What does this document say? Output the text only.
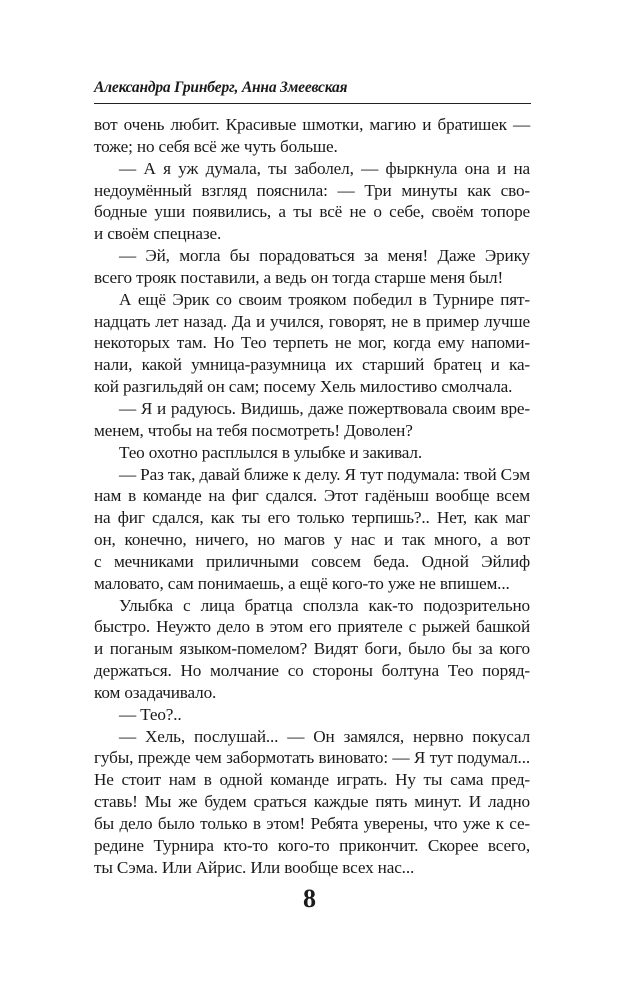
Александра Гринберг, Анна Змеевская
вот очень любит. Красивые шмотки, магию и братишек —
тоже; но себя всё же чуть больше.
— А я уж думала, ты заболел, — фыркнула она и на
недоумённый взгляд пояснила: — Три минуты как сво-
бодные уши появились, а ты всё не о себе, своём топоре
и своём спецназе.
— Эй, могла бы порадоваться за меня! Даже Эрику
всего трояк поставили, а ведь он тогда старше меня был!
А ещё Эрик со своим трояком победил в Турнире пят-
надцать лет назад. Да и учился, говорят, не в пример лучше
некоторых там. Но Тео терпеть не мог, когда ему напоми-
нали, какой умница-разумница их старший братец и ка-
кой разгильдяй он сам; посему Хель милостиво смолчала.
— Я и радуюсь. Видишь, даже пожертвовала своим вре-
менем, чтобы на тебя посмотреть! Доволен?
Тео охотно расплылся в улыбке и закивал.
— Раз так, давай ближе к делу. Я тут подумала: твой Сэм
нам в команде на фиг сдался. Этот гадёныш вообще всем
на фиг сдался, как ты его только терпишь?.. Нет, как маг
он, конечно, ничего, но магов у нас и так много, а вот
с мечниками приличными совсем беда. Одной Эйлиф
маловато, сам понимаешь, а ещё кого-то уже не впишем...
Улыбка с лица братца сползла как-то подозрительно
быстро. Неужто дело в этом его приятеле с рыжей башкой
и поганым языком-помелом? Видят боги, было бы за кого
держаться. Но молчание со стороны болтуна Тео поряд-
ком озадачивало.
— Тео?..
— Хель, послушай... — Он замялся, нервно покусал
губы, прежде чем забормотать виновато: — Я тут подумал...
Не стоит нам в одной команде играть. Ну ты сама пред-
ставь! Мы же будем сраться каждые пять минут. И ладно
бы дело было только в этом! Ребята уверены, что уже к се-
редине Турнира кто-то кого-то прикончит. Скорее всего,
ты Сэма. Или Айрис. Или вообще всех нас...
8
